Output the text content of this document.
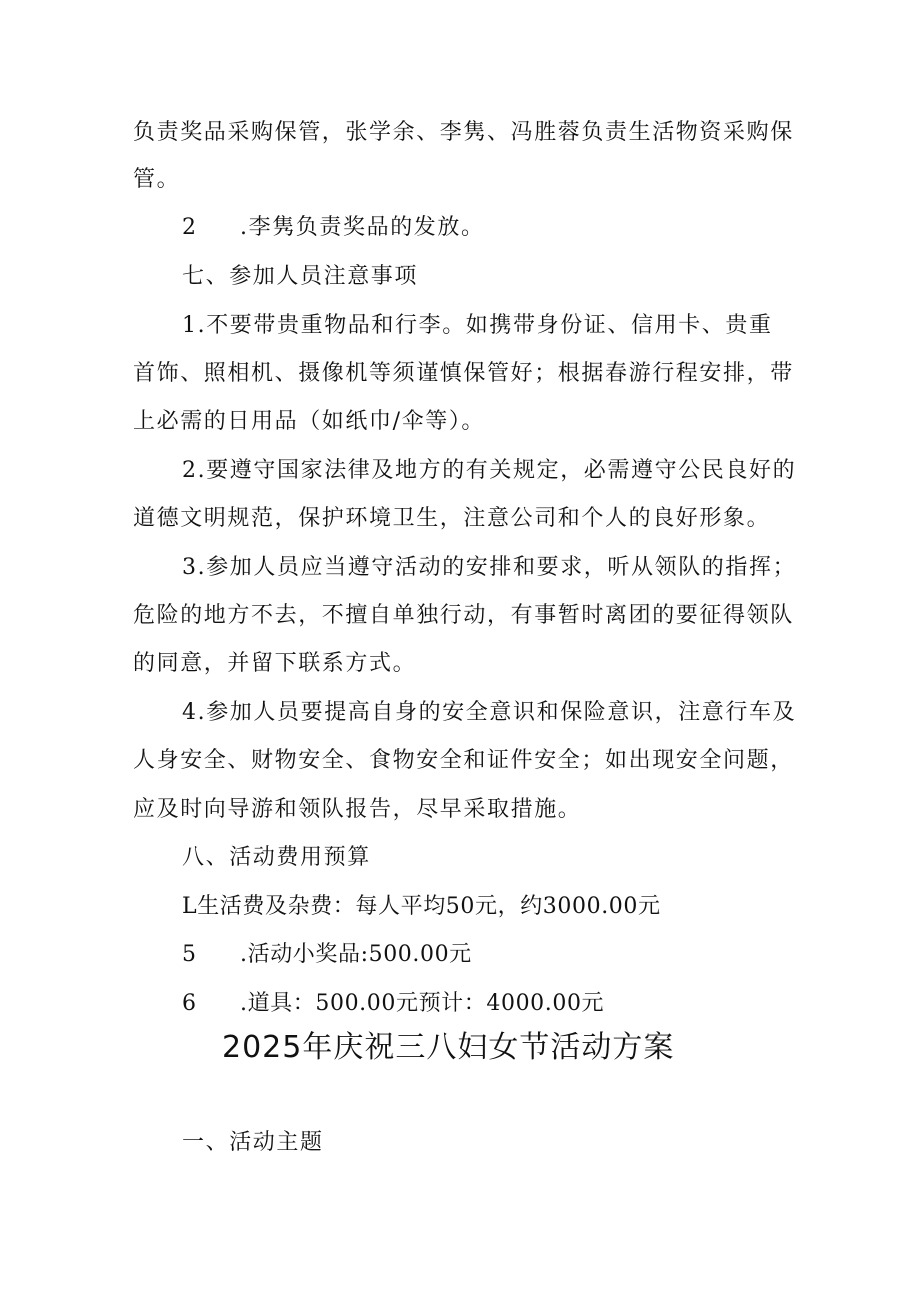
负责奖品采购保管，张学余、李隽、冯胜蓉负责生活物资采购保
管。
2 .李隽负责奖品的发放。
七、参加人员注意事项
1.不要带贵重物品和行李。如携带身份证、信用卡、贵重
首饰、照相机、摄像机等须谨慎保管好；根据春游行程安排，带
上必需的日用品（如纸巾/伞等）。
2.要遵守国家法律及地方的有关规定，必需遵守公民良好的
道德文明规范，保护环境卫生，注意公司和个人的良好形象。
3.参加人员应当遵守活动的安排和要求，听从领队的指挥；
危险的地方不去，不擅自单独行动，有事暂时离团的要征得领队
的同意，并留下联系方式。
4.参加人员要提高自身的安全意识和保险意识，注意行车及
人身安全、财物安全、食物安全和证件安全；如出现安全问题，
应及时向导游和领队报告，尽早采取措施。
八、活动费用预算
L生活费及杂费：每人平均50元，约3000.00元
5 .活动小奖品:500.00元
6 .道具：500.00元预计：4000.00元
2025年庆祝三八妇女节活动方案
一、活动主题
